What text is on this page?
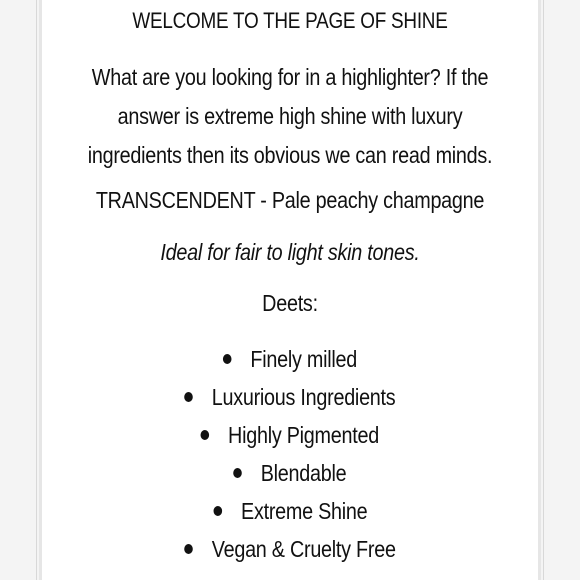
WELCOME TO THE PAGE OF SHINE
What are you looking for in a highlighter? If the
answer is extreme high shine with luxury
ingredients then its obvious we can read minds.
TRANSCENDENT - Pale peachy champagne
Ideal for fair to light skin tones.
Deets:
Finely milled
Luxurious Ingredients
Highly Pigmented
Blendable
Extreme Shine
Vegan & Cruelty Free
